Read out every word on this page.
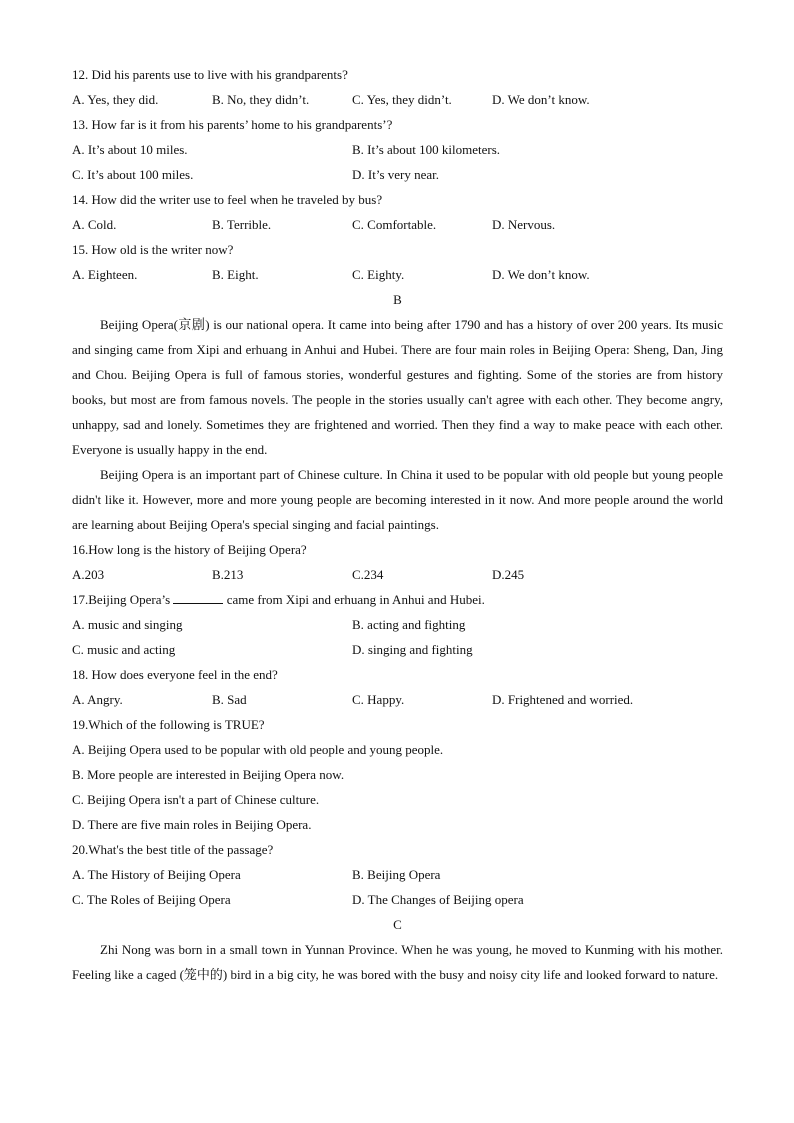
12. Did his parents use to live with his grandparents?
A. Yes, they did.	B. No, they didn’t.	C. Yes, they didn’t.	D. We don’t know.
13. How far is it from his parents’ home to his grandparents’?
A. It’s about 10 miles.	B. It’s about 100 kilometers.
C. It’s about 100 miles.	D. It’s very near.
14. How did the writer use to feel when he traveled by bus?
A. Cold.	B. Terrible.	C. Comfortable.	D. Nervous.
15. How old is the writer now?
A. Eighteen.	B. Eight.	C. Eighty.	D. We don’t know.
B

Beijing Opera(京剧) is our national opera. It came into being after 1790 and has a history of over 200 years. Its music and singing came from Xipi and erhuang in Anhui and Hubei. There are four main roles in Beijing Opera: Sheng, Dan, Jing and Chou. Beijing Opera is full of famous stories, wonderful gestures and fighting. Some of the stories are from history books, but most are from famous novels. The people in the stories usually can't agree with each other. They become angry, unhappy, sad and lonely. Sometimes they are frightened and worried. Then they find a way to make peace with each other. Everyone is usually happy in the end.

Beijing Opera is an important part of Chinese culture. In China it used to be popular with old people but young people didn't like it. However, more and more young people are becoming interested in it now. And more people around the world are learning about Beijing Opera's special singing and facial paintings.

16.How long is the history of Beijing Opera?
A.203	B.213	C.234	D.245
17.Beijing Opera’s	came from Xipi and erhuang in Anhui and Hubei.
A. music and singing	B. acting and fighting
C. music and acting	D. singing and fighting
18. How does everyone feel in the end?
A. Angry.	B. Sad	C. Happy.	D. Frightened and worried.
19.Which of the following is TRUE?
A. Beijing Opera used to be popular with old people and young people.
B. More people are interested in Beijing Opera now.
C. Beijing Opera isn't a part of Chinese culture.
D. There are five main roles in Beijing Opera.
20.What's the best title of the passage?
A. The History of Beijing Opera	B. Beijing Opera
C. The Roles of Beijing Opera	D. The Changes of Beijing opera
C

Zhi Nong was born in a small town in Yunnan Province. When he was young, he moved to Kunming with his mother. Feeling like a caged (笼中的) bird in a big city, he was bored with the busy and noisy city life and looked forward to nature.
